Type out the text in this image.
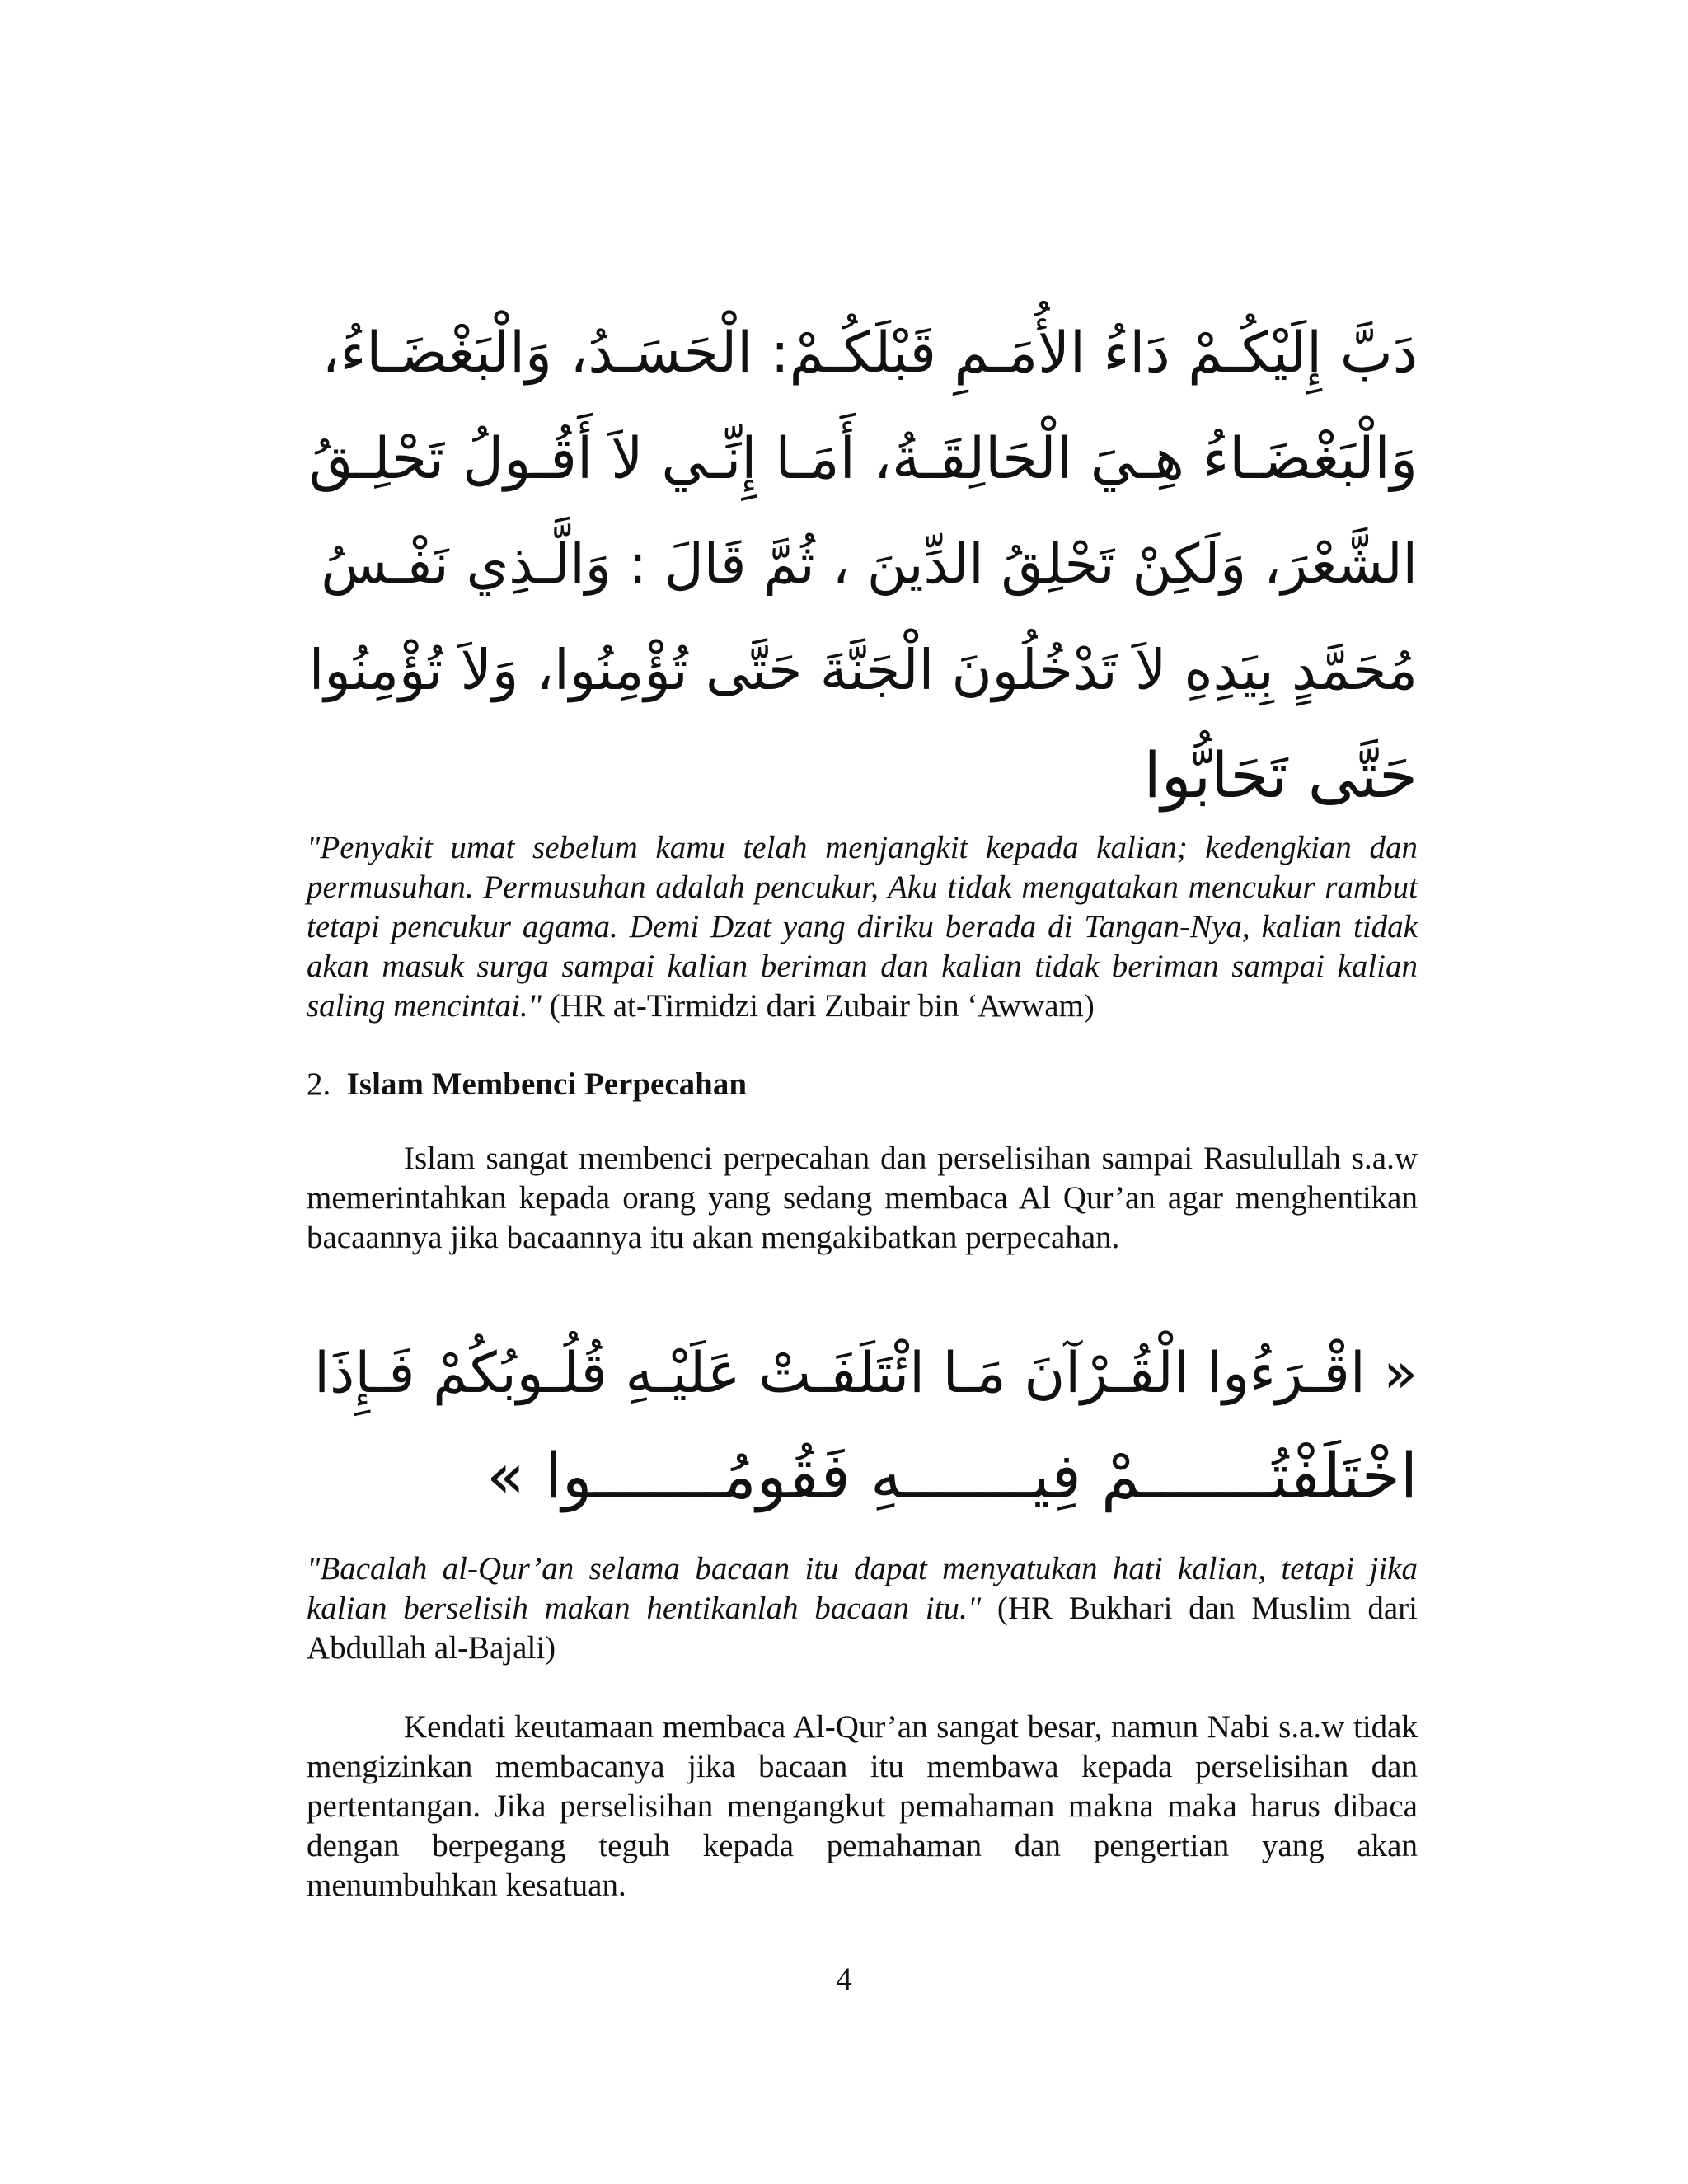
دَبَّ إِلَيْكُـمْ دَاءُ الأُمَـمِ قَبْلَكُـمْ: الْحَسَـدُ، وَالْبَغْضَـاءُ،
وَالْبَغْضَـاءُ هِـيَ الْحَالِقَـةُ، أَمَـا إِنِّـي لاَ أَقُـولُ تَحْلِـقُ
الشَّعْرَ، وَلَكِنْ تَحْلِقُ الدِّينَ ، ثُمَّ قَالَ : وَالَّـذِي نَفْـسُ
مُحَمَّدٍ بِيَدِهِ لاَ تَدْخُلُونَ الْجَنَّةَ حَتَّى تُؤْمِنُوا، وَلاَ تُؤْمِنُوا
حَتَّى تَحَابُّوا

"Penyakit umat sebelum kamu telah menjangkit kepada kalian; kedengkian dan permusuhan. Permusuhan adalah pencukur, Aku tidak mengatakan mencukur rambut tetapi pencukur agama. Demi Dzat yang diriku berada di Tangan-Nya, kalian tidak akan masuk surga sampai kalian beriman dan kalian tidak beriman sampai kalian saling mencintai." (HR at-Tirmidzi dari Zubair bin ‘Awwam)

2. Islam Membenci Perpecahan

Islam sangat membenci perpecahan dan perselisihan sampai Rasulullah s.a.w memerintahkan kepada orang yang sedang membaca Al Qur’an agar menghentikan bacaannya jika bacaannya itu akan mengakibatkan perpecahan.

« اقْـرَءُوا الْقُـرْآنَ مَـا ائْتَلَفَـتْ عَلَيْـهِ قُلُـوبُكُمْ فَـإِذَا
اخْتَلَفْتُـــــــمْ فِيـــــــهِ فَقُومُـــــــوا »

"Bacalah al-Qur’an selama bacaan itu dapat menyatukan hati kalian, tetapi jika kalian berselisih makan hentikanlah bacaan itu." (HR Bukhari dan Muslim dari Abdullah al-Bajali)

Kendati keutamaan membaca Al-Qur’an sangat besar, namun Nabi s.a.w tidak mengizinkan membacanya jika bacaan itu membawa kepada perselisihan dan pertentangan. Jika perselisihan mengangkut pemahaman makna maka harus dibaca dengan berpegang teguh kepada pemahaman dan pengertian yang akan menumbuhkan kesatuan.

4
